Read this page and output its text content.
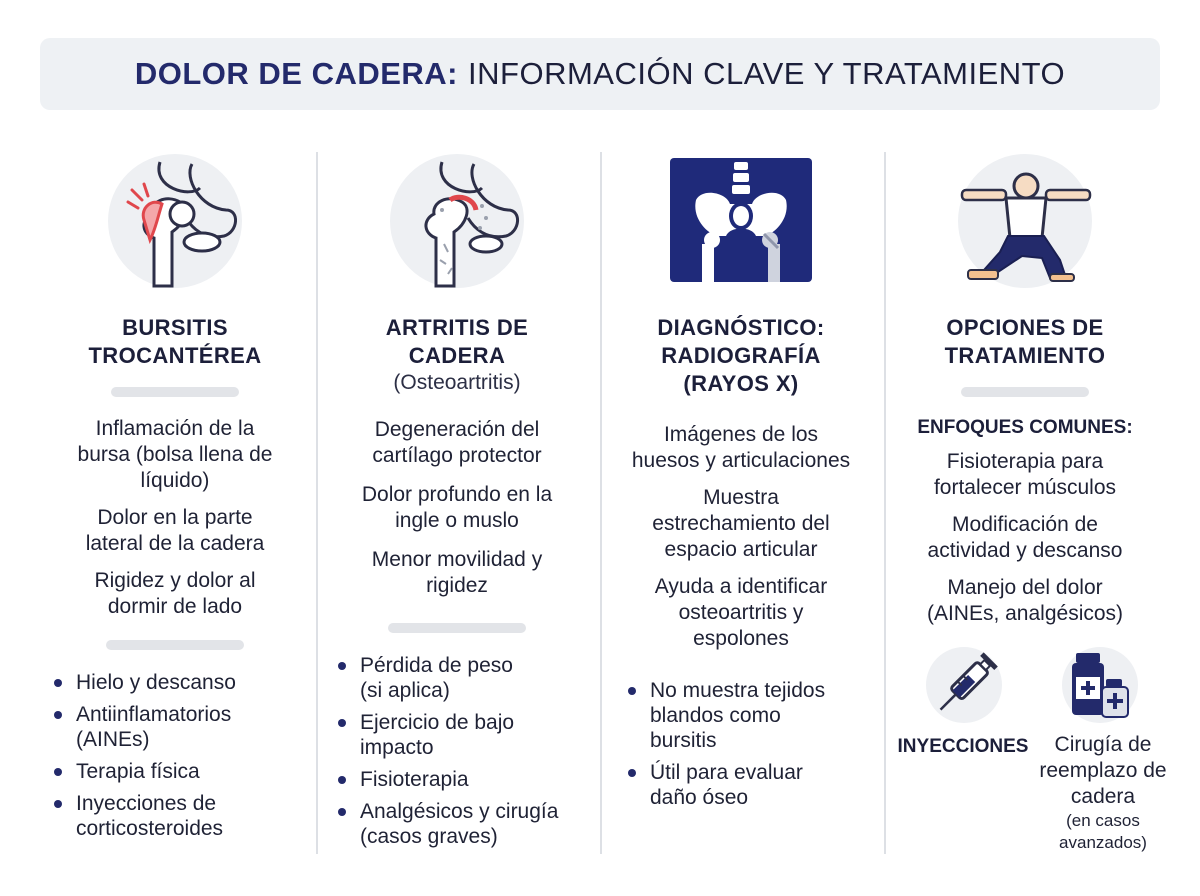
DOLOR DE CADERA: INFORMACIÓN CLAVE Y TRATAMIENTO
BURSITIS
TROCANTÉREA
Inflamación de la
bursa (bolsa llena de
líquido)
Dolor en la parte
lateral de la cadera
Rigidez y dolor al
dormir de lado
Hielo y descanso
Antiinflamatorios
(AINEs)
Terapia física
Inyecciones de
corticosteroides
ARTRITIS DE
CADERA
(Osteoartritis)
Degeneración del
cartílago protector
Dolor profundo en la
ingle o muslo
Menor movilidad y
rigidez
Pérdida de peso
(si aplica)
Ejercicio de bajo
impacto
Fisioterapia
Analgésicos y cirugía
(casos graves)
DIAGNÓSTICO:
RADIOGRAFÍA
(RAYOS X)
Imágenes de los
huesos y articulaciones
Muestra
estrechamiento del
espacio articular
Ayuda a identificar
osteoartritis y
espolones
No muestra tejidos
blandos como
bursitis
Útil para evaluar
daño óseo
OPCIONES DE
TRATAMIENTO
ENFOQUES COMUNES:
Fisioterapia para
fortalecer músculos
Modificación de
actividad y descanso
Manejo del dolor
(AINEs, analgésicos)
INYECCIONES	Cirugía de
reemplazo de
cadera
(en casos
avanzados)
